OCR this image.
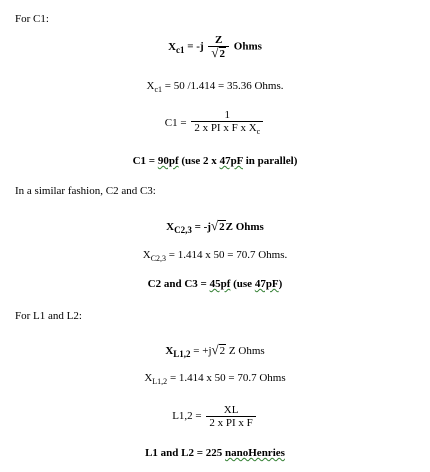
For C1:
$X_{c1} = -j \frac{Z}{√2}$ Ohms
$X_{c1} = 50$ /1.414 = 35.36 Ohms.
$C1 = \frac{1}{2 x PI x F x X_c}$
C1 = 90pf (use 2 x 47pF in parallel)
In a similar fashion, C2 and C3:
$X_{C2,3} = -j√2Z$ Ohms
$X_{C2,3} = 1.414$ x 50 = 70.7 Ohms.
C2 and C3 = 45pf (use 47pF)
For L1 and L2:
$X_{L1,2} = +j√2$ Z Ohms
$X_{L1,2} = 1.414$ x 50 = 70.7 Ohms
$L1,2 = \frac{XL}{\text{2 x PI x F}}$
L1 and L2 = 225 nanoHenries
